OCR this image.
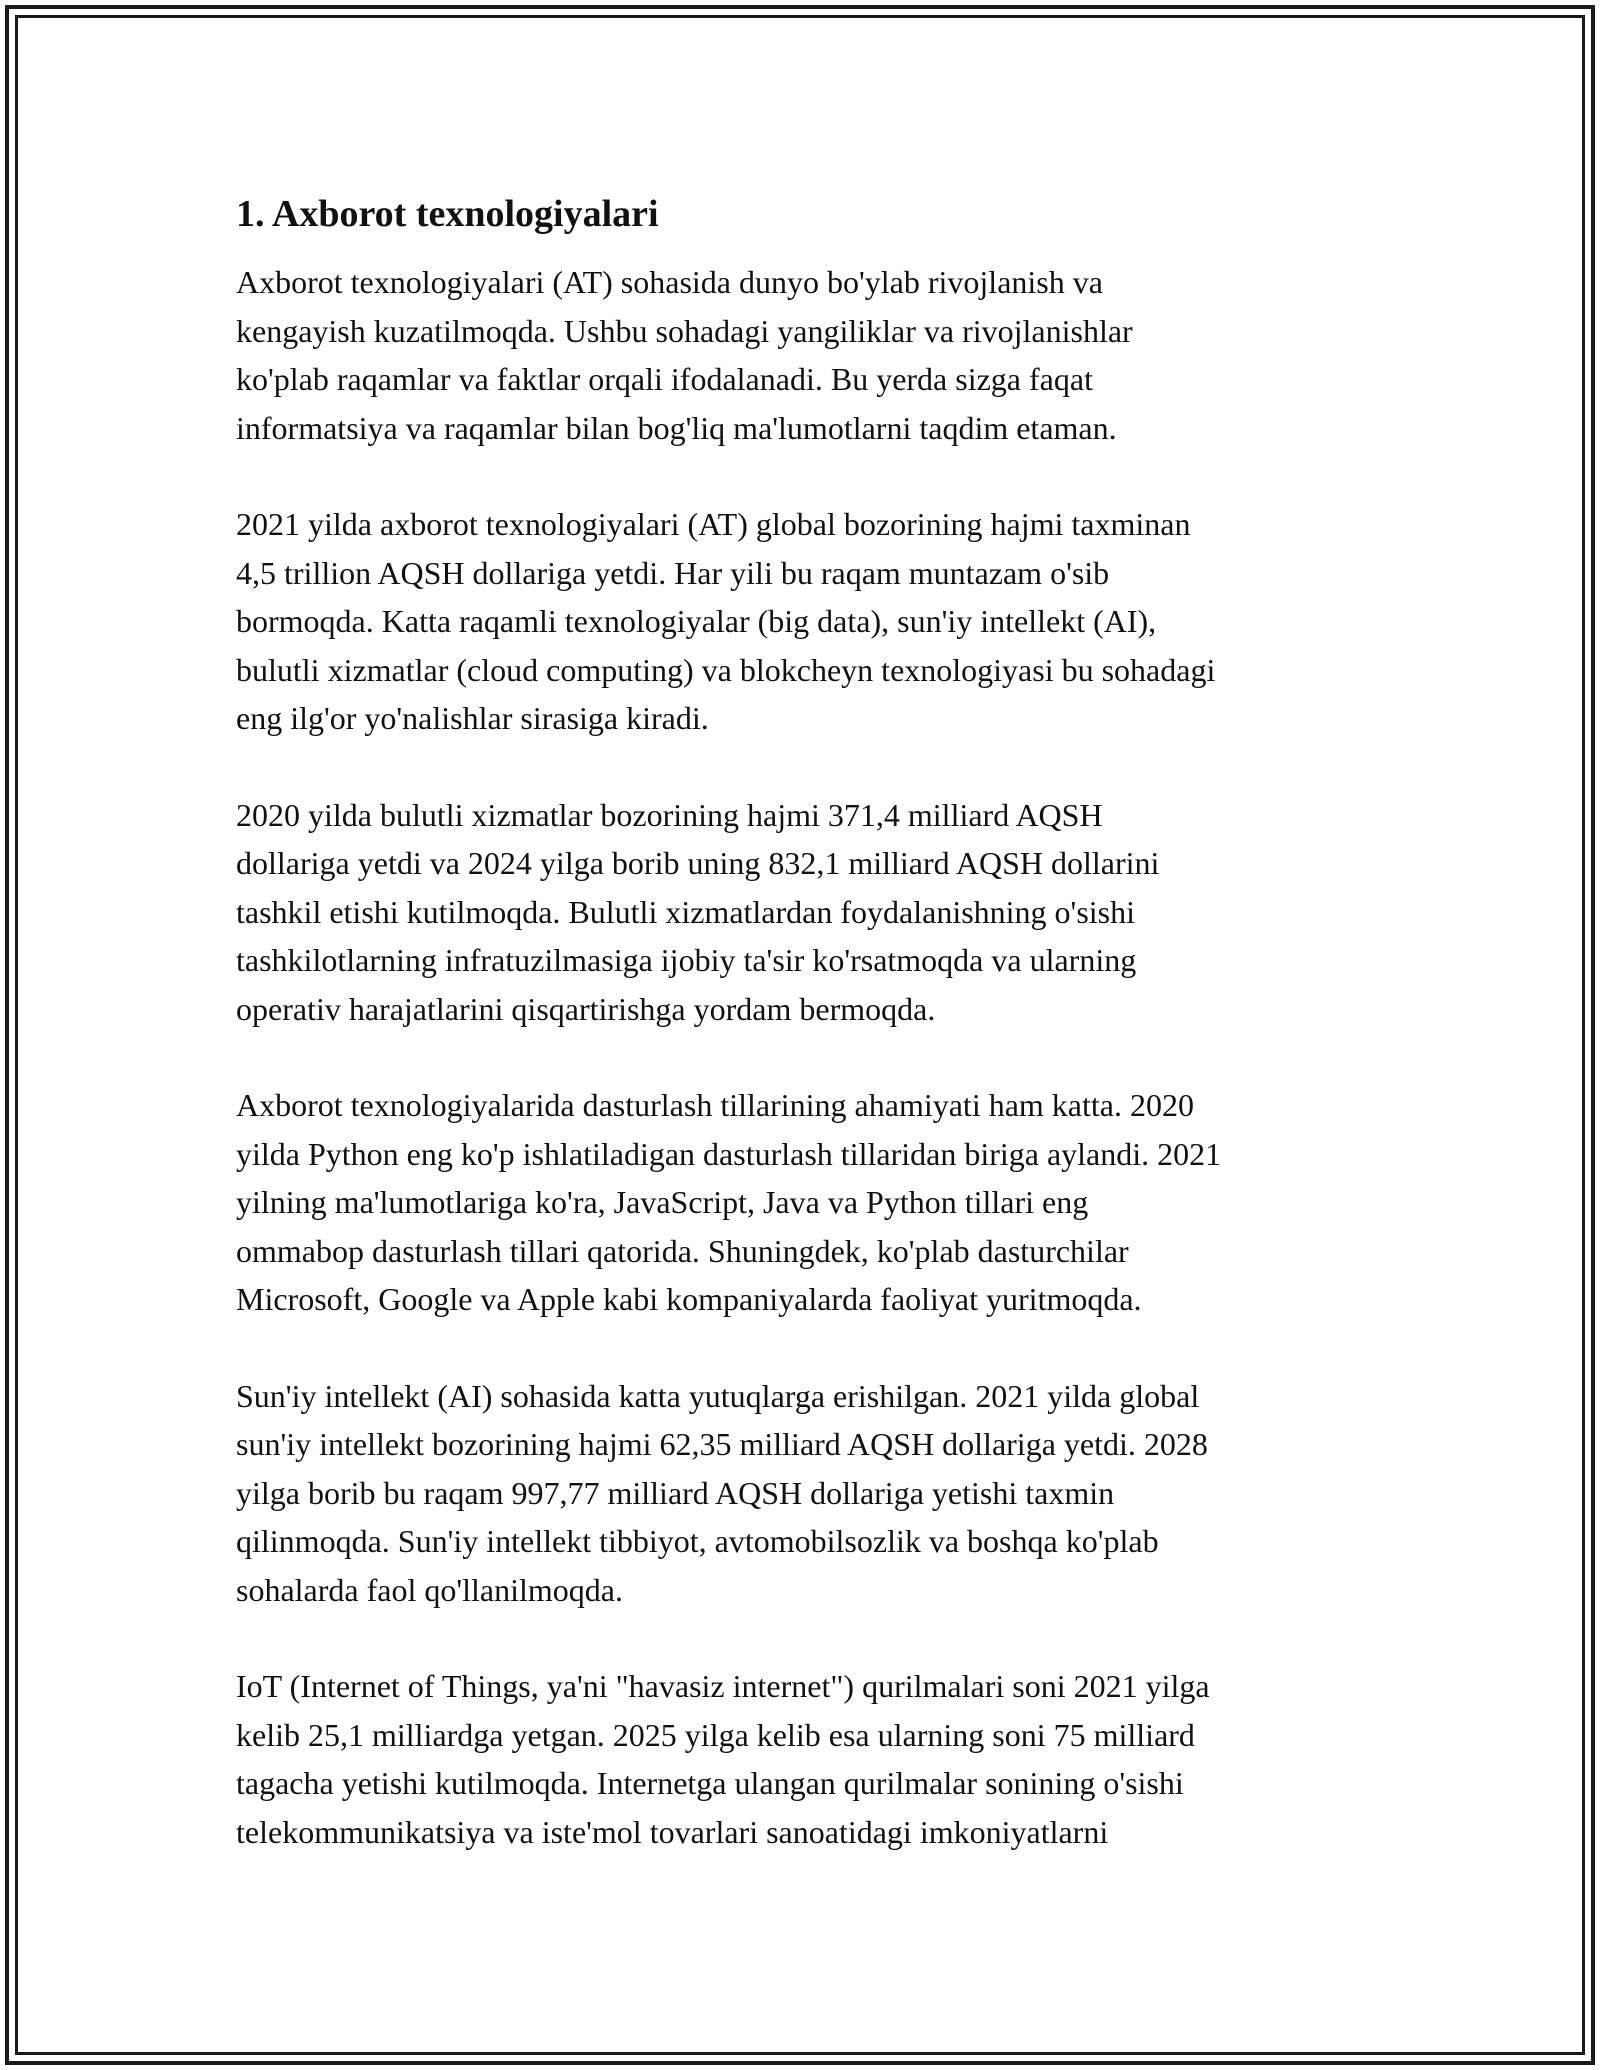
1. Axborot texnologiyalari

Axborot texnologiyalari (AT) sohasida dunyo bo'ylab rivojlanish va
kengayish kuzatilmoqda. Ushbu sohadagi yangiliklar va rivojlanishlar
ko'plab raqamlar va faktlar orqali ifodalanadi. Bu yerda sizga faqat
informatsiya va raqamlar bilan bog'liq ma'lumotlarni taqdim etaman.

2021 yilda axborot texnologiyalari (AT) global bozorining hajmi taxminan
4,5 trillion AQSH dollariga yetdi. Har yili bu raqam muntazam o'sib
bormoqda. Katta raqamli texnologiyalar (big data), sun'iy intellekt (AI),
bulutli xizmatlar (cloud computing) va blokcheyn texnologiyasi bu sohadagi
eng ilg'or yo'nalishlar sirasiga kiradi.

2020 yilda bulutli xizmatlar bozorining hajmi 371,4 milliard AQSH
dollariga yetdi va 2024 yilga borib uning 832,1 milliard AQSH dollarini
tashkil etishi kutilmoqda. Bulutli xizmatlardan foydalanishning o'sishi
tashkilotlarning infratuzilmasiga ijobiy ta'sir ko'rsatmoqda va ularning
operativ harajatlarini qisqartirishga yordam bermoqda.

Axborot texnologiyalarida dasturlash tillarining ahamiyati ham katta. 2020
yilda Python eng ko'p ishlatiladigan dasturlash tillaridan biriga aylandi. 2021
yilning ma'lumotlariga ko'ra, JavaScript, Java va Python tillari eng
ommabop dasturlash tillari qatorida. Shuningdek, ko'plab dasturchilar
Microsoft, Google va Apple kabi kompaniyalarda faoliyat yuritmoqda.

Sun'iy intellekt (AI) sohasida katta yutuqlarga erishilgan. 2021 yilda global
sun'iy intellekt bozorining hajmi 62,35 milliard AQSH dollariga yetdi. 2028
yilga borib bu raqam 997,77 milliard AQSH dollariga yetishi taxmin
qilinmoqda. Sun'iy intellekt tibbiyot, avtomobilsozlik va boshqa ko'plab
sohalarda faol qo'llanilmoqda.

IoT (Internet of Things, ya'ni "havasiz internet") qurilmalari soni 2021 yilga
kelib 25,1 milliardga yetgan. 2025 yilga kelib esa ularning soni 75 milliard
tagacha yetishi kutilmoqda. Internetga ulangan qurilmalar sonining o'sishi
telekommunikatsiya va iste'mol tovarlari sanoatidagi imkoniyatlarni
